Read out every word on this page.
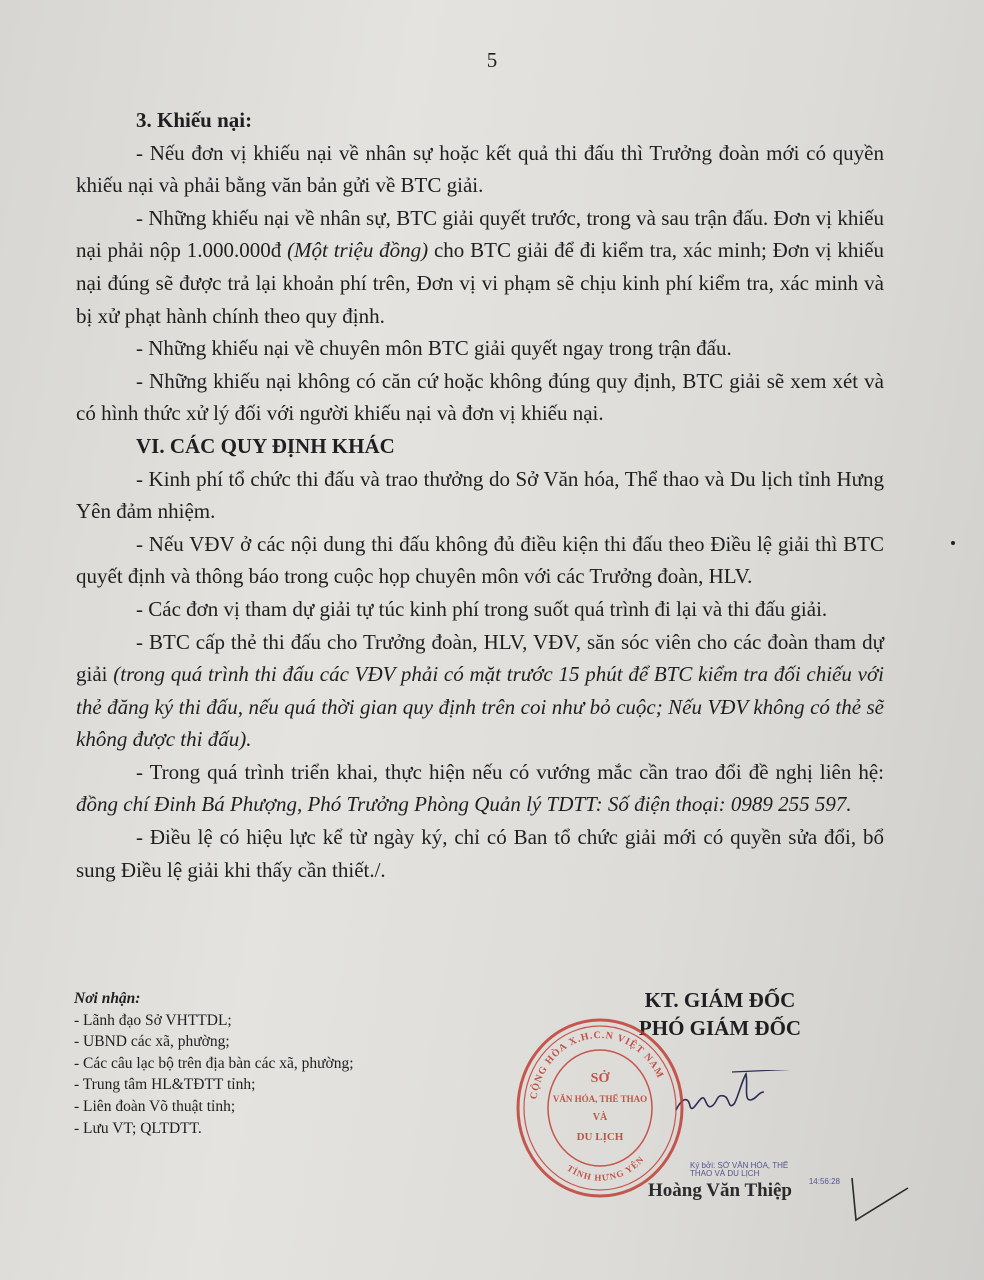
5

3. Khiếu nại:

- Nếu đơn vị khiếu nại về nhân sự hoặc kết quả thi đấu thì Trưởng đoàn mới có quyền khiếu nại và phải bằng văn bản gửi về BTC giải.

- Những khiếu nại về nhân sự, BTC giải quyết trước, trong và sau trận đấu. Đơn vị khiếu nại phải nộp 1.000.000đ (Một triệu đồng) cho BTC giải để đi kiểm tra, xác minh; Đơn vị khiếu nại đúng sẽ được trả lại khoản phí trên, Đơn vị vi phạm sẽ chịu kinh phí kiểm tra, xác minh và bị xử phạt hành chính theo quy định.

- Những khiếu nại về chuyên môn BTC giải quyết ngay trong trận đấu.

- Những khiếu nại không có căn cứ hoặc không đúng quy định, BTC giải sẽ xem xét và có hình thức xử lý đối với người khiếu nại và đơn vị khiếu nại.

VI. CÁC QUY ĐỊNH KHÁC

- Kinh phí tổ chức thi đấu và trao thưởng do Sở Văn hóa, Thể thao và Du lịch tỉnh Hưng Yên đảm nhiệm.

- Nếu VĐV ở các nội dung thi đấu không đủ điều kiện thi đấu theo Điều lệ giải thì BTC quyết định và thông báo trong cuộc họp chuyên môn với các Trưởng đoàn, HLV.

- Các đơn vị tham dự giải tự túc kinh phí trong suốt quá trình đi lại và thi đấu giải.

- BTC cấp thẻ thi đấu cho Trưởng đoàn, HLV, VĐV, săn sóc viên cho các đoàn tham dự giải (trong quá trình thi đấu các VĐV phải có mặt trước 15 phút để BTC kiểm tra đối chiếu với thẻ đăng ký thi đấu, nếu quá thời gian quy định trên coi như bỏ cuộc; Nếu VĐV không có thẻ sẽ không được thi đấu).

- Trong quá trình triển khai, thực hiện nếu có vướng mắc cần trao đổi đề nghị liên hệ: đồng chí Đinh Bá Phượng, Phó Trưởng Phòng Quản lý TDTT: Số điện thoại: 0989 255 597.

- Điều lệ có hiệu lực kể từ ngày ký, chỉ có Ban tổ chức giải mới có quyền sửa đổi, bổ sung Điều lệ giải khi thấy cần thiết./.

Nơi nhận:
- Lãnh đạo Sở VHTTDL;
- UBND các xã, phường;
- Các câu lạc bộ trên địa bàn các xã, phường;
- Trung tâm HL&TĐTT tỉnh;
- Liên đoàn Võ thuật tỉnh;
- Lưu VT; QLTDTT.
KT. GIÁM ĐỐC
PHÓ GIÁM ĐỐC
CỘNG HÒA X.H.C.N VIỆT NAM
TỈNH HƯNG YÊN
SỞ
VĂN HÓA, THỂ THAO
VÀ
DU LỊCH
Ký bởi: SỞ VĂN HÓA, THỂ
THAO VÀ DU LỊCH
14:56:28
Hoàng Văn Thiệp
